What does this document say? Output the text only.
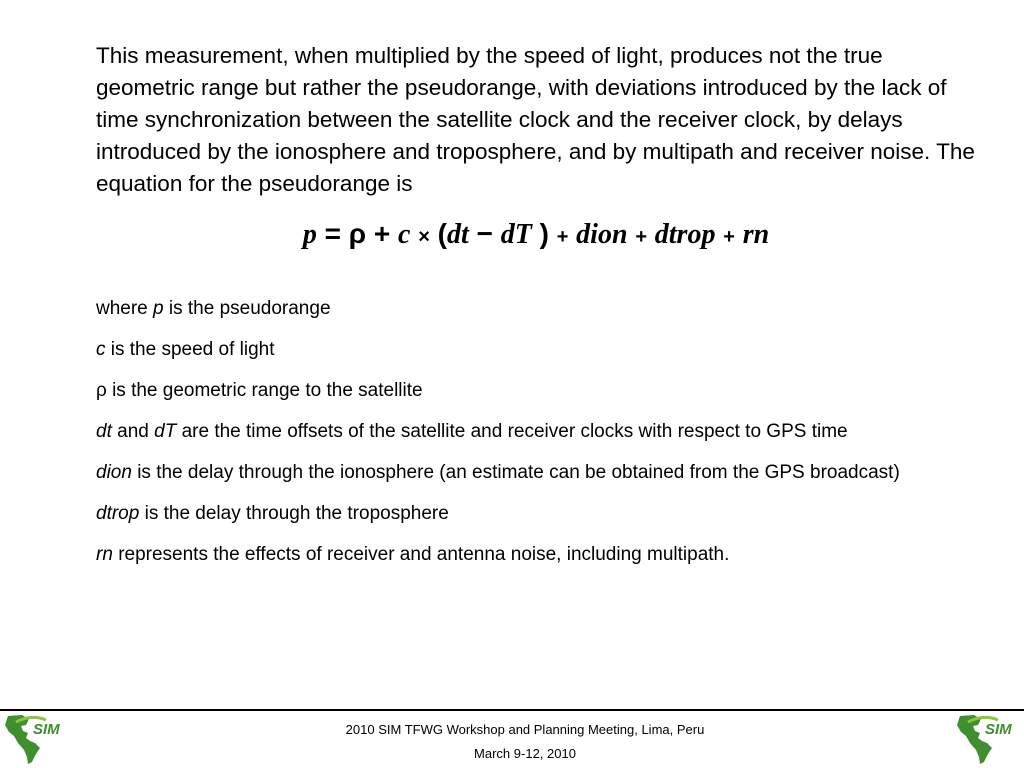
This measurement, when multiplied by the speed of light, produces not the true geometric range but rather the pseudorange, with deviations introduced by the lack of time synchronization between the satellite clock and the receiver clock, by delays introduced by the ionosphere and troposphere, and by multipath and receiver noise. The equation for the pseudorange is

p = ρ + c × (dt − dT ) + dion + dtrop + rn

where p is the pseudorange
c is the speed of light
ρ is the geometric range to the satellite
dt and dT are the time offsets of the satellite and receiver clocks with respect to GPS time
dion is the delay through the ionosphere (an estimate can be obtained from the GPS broadcast)
dtrop is the delay through the troposphere
rn represents the effects of receiver and antenna noise, including multipath.
SIM	2010 SIM TFWG Workshop and Planning Meeting, Lima, Peru

March 9-12, 2010

SIM
